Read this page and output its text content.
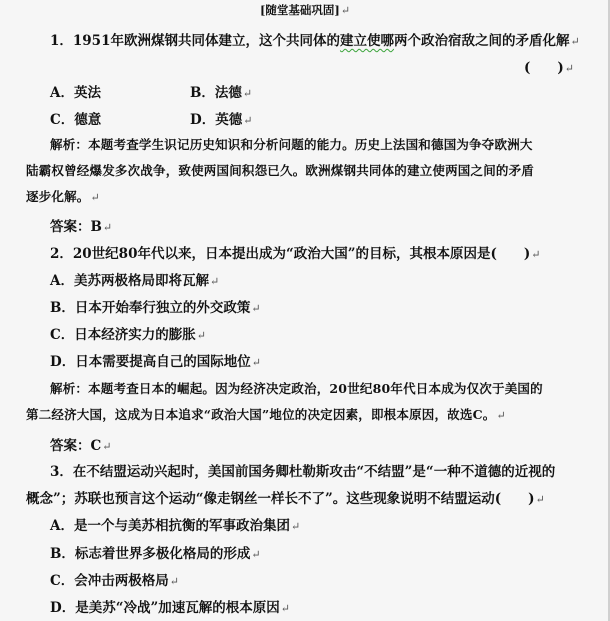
[随堂基础巩固]↵
1．1951年欧洲煤钢共同体建立，这个共同体的建立使哪两个政治宿敌之间的矛盾化解↵
(　　)↵
A．英法	B．法德↵
C．德意	D．英德↵
解析：本题考查学生识记历史知识和分析问题的能力。历史上法国和德国为争夺欧洲大
陆霸权曾经爆发多次战争，致使两国间积怨已久。欧洲煤钢共同体的建立使两国之间的矛盾
逐步化解。↵
答案：B↵
2．20世纪80年代以来，日本提出成为“政治大国”的目标，其根本原因是(　　)↵
A．美苏两极格局即将瓦解↵
B．日本开始奉行独立的外交政策↵
C．日本经济实力的膨胀↵
D．日本需要提高自己的国际地位↵
解析：本题考查日本的崛起。因为经济决定政治，20世纪80年代日本成为仅次于美国的
第二经济大国，这成为日本追求“政治大国”地位的决定因素，即根本原因，故选C。↵
答案：C↵
3．在不结盟运动兴起时，美国前国务卿杜勒斯攻击“不结盟”是“一种不道德的近视的
概念”；苏联也预言这个运动“像走钢丝一样长不了”。这些现象说明不结盟运动(　　)↵
A．是一个与美苏相抗衡的军事政治集团↵
B．标志着世界多极化格局的形成↵
C．会冲击两极格局↵
D．是美苏“冷战”加速瓦解的根本原因↵
